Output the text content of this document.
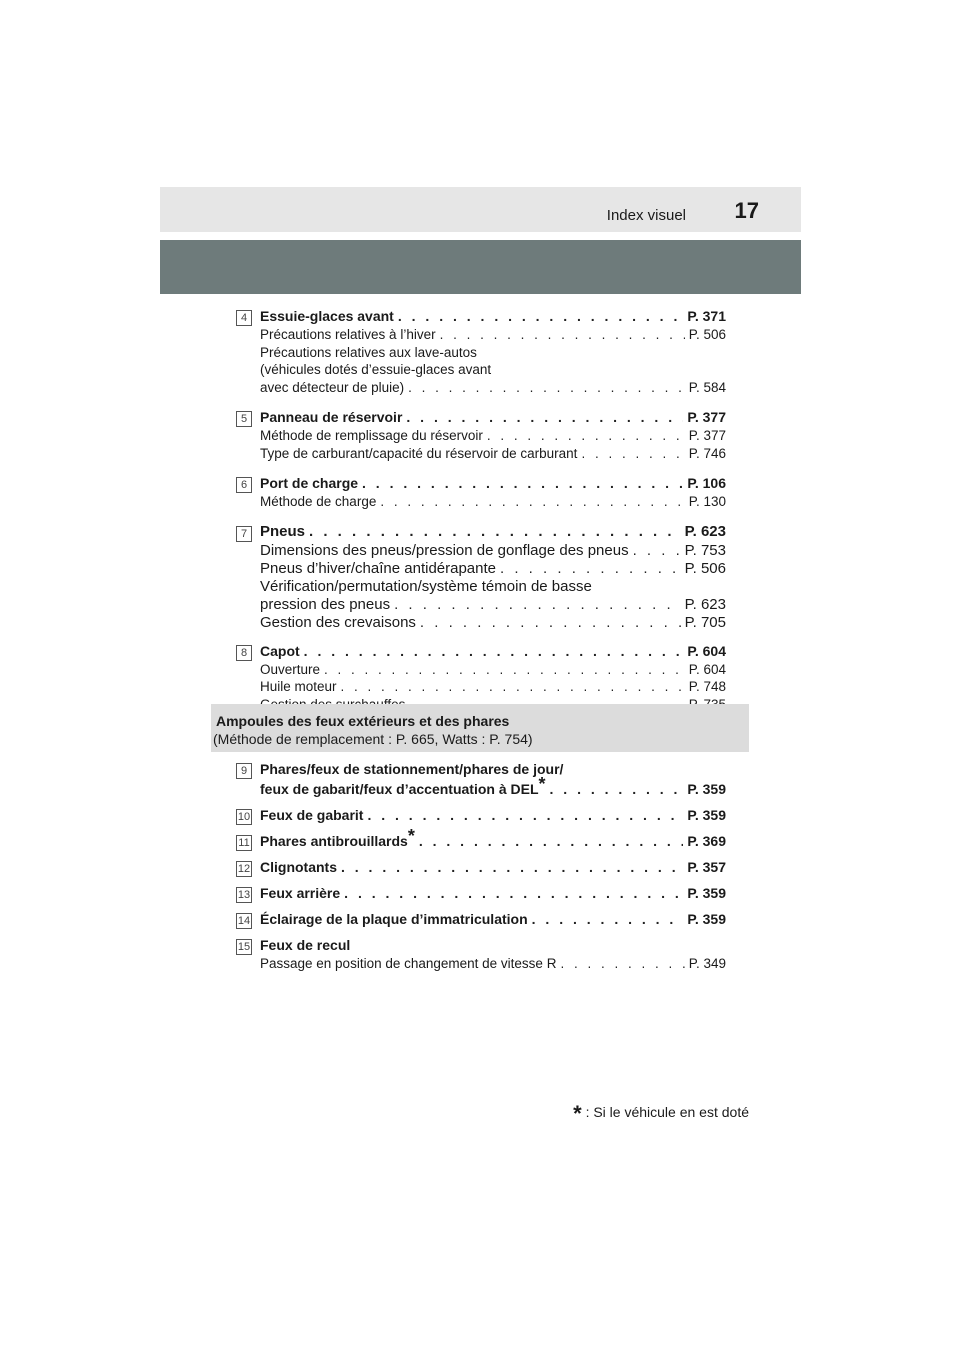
Index visuel 17
4 Essuie-glaces avant . . .	P. 371
Précautions relatives à l’hiver . . .	P. 506
Précautions relatives aux lave-autos
(véhicules dotés d’essuie-glaces avant
avec détecteur de pluie) . . .	P. 584
5 Panneau de réservoir . . .	P. 377
Méthode de remplissage du réservoir . . .	P. 377
Type de carburant/capacité du réservoir de carburant . . .	P. 746
6 Port de charge . . .	P. 106
Méthode de charge . . .	P. 130
7 Pneus . . .	P. 623
Dimensions des pneus/pression de gonflage des pneus . . .	P. 753
Pneus d’hiver/chaîne antidérapante . . .	P. 506
Vérification/permutation/système témoin de basse
pression des pneus . . .	P. 623
Gestion des crevaisons . . .	P. 705
8 Capot . . .	P. 604
Ouverture . . .	P. 604
Huile moteur . . .	P. 748
. . .
Ampoules des feux extérieurs et des phares
(Méthode de remplacement : P. 665, Watts : P. 754)
9 Phares/feux de stationnement/phares de jour/
feux de gabarit/feux d’accentuation à DEL* . . .	P. 359
10 Feux de gabarit . . .	P. 359
11 Phares antibrouillards* . . .	P. 369
12 Clignotants . . .	P. 357
13 Feux arrière . . .	P. 359
14 Éclairage de la plaque d’immatriculation . . .	P. 359
15 Feux de recul
Passage en position de changement de vitesse R . . .	P. 349
* : Si le véhicule en est doté
